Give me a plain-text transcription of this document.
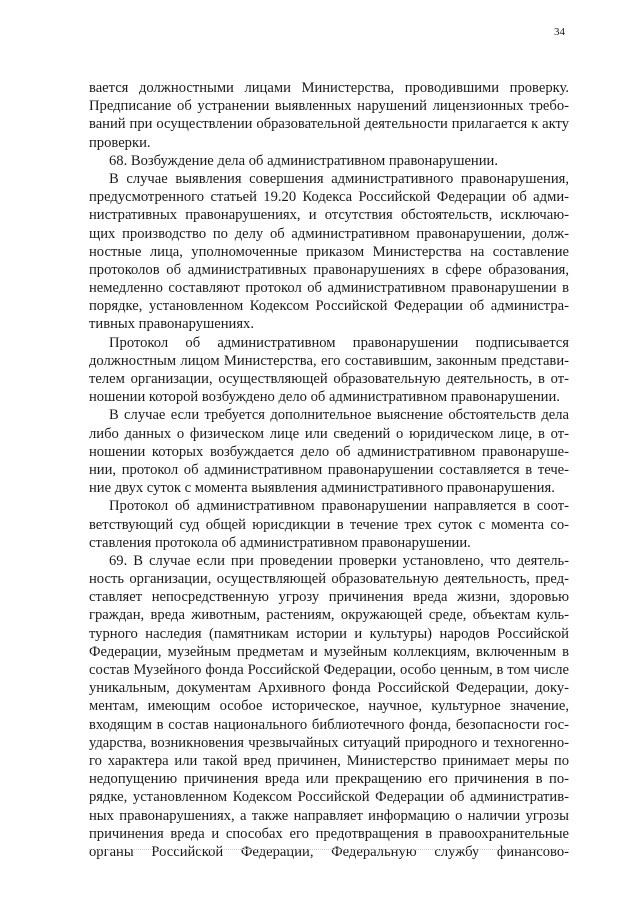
34
вается должностными лицами Министерства, проводившими проверку.
Предписание об устранении выявленных нарушений лицензионных требо-
ваний при осуществлении образовательной деятельности прилагается к акту
проверки.
68. Возбуждение дела об административном правонарушении.
В случае выявления совершения административного правонарушения,
предусмотренного статьей 19.20 Кодекса Российской Федерации об адми-
нистративных правонарушениях, и отсутствия обстоятельств, исключаю-
щих производство по делу об административном правонарушении, долж-
ностные лица, уполномоченные приказом Министерства на составление
протоколов об административных правонарушениях в сфере образования,
немедленно составляют протокол об административном правонарушении в
порядке, установленном Кодексом Российской Федерации об администра-
тивных правонарушениях.
Протокол об административном правонарушении подписывается
должностным лицом Министерства, его составившим, законным представи-
телем организации, осуществляющей образовательную деятельность, в от-
ношении которой возбуждено дело об административном правонарушении.
В случае если требуется дополнительное выяснение обстоятельств дела
либо данных о физическом лице или сведений о юридическом лице, в от-
ношении которых возбуждается дело об административном правонаруше-
нии, протокол об административном правонарушении составляется в тече-
ние двух суток с момента выявления административного правонарушения.
Протокол об административном правонарушении направляется в соот-
ветствующий суд общей юрисдикции в течение трех суток с момента со-
ставления протокола об административном правонарушении.
69. В случае если при проведении проверки установлено, что деятель-
ность организации, осуществляющей образовательную деятельность, пред-
ставляет непосредственную угрозу причинения вреда жизни, здоровью
граждан, вреда животным, растениям, окружающей среде, объектам куль-
турного наследия (памятникам истории и культуры) народов Российской
Федерации, музейным предметам и музейным коллекциям, включенным в
состав Музейного фонда Российской Федерации, особо ценным, в том числе
уникальным, документам Архивного фонда Российской Федерации, доку-
ментам, имеющим особое историческое, научное, культурное значение,
входящим в состав национального библиотечного фонда, безопасности гос-
ударства, возникновения чрезвычайных ситуаций природного и техногенно-
го характера или такой вред причинен, Министерство принимает меры по
недопущению причинения вреда или прекращению его причинения в по-
рядке, установленном Кодексом Российской Федерации об административ-
ных правонарушениях, а также направляет информацию о наличии угрозы
причинения вреда и способах его предотвращения в правоохранительные
органы Российской Федерации, Федеральную службу финансово-
